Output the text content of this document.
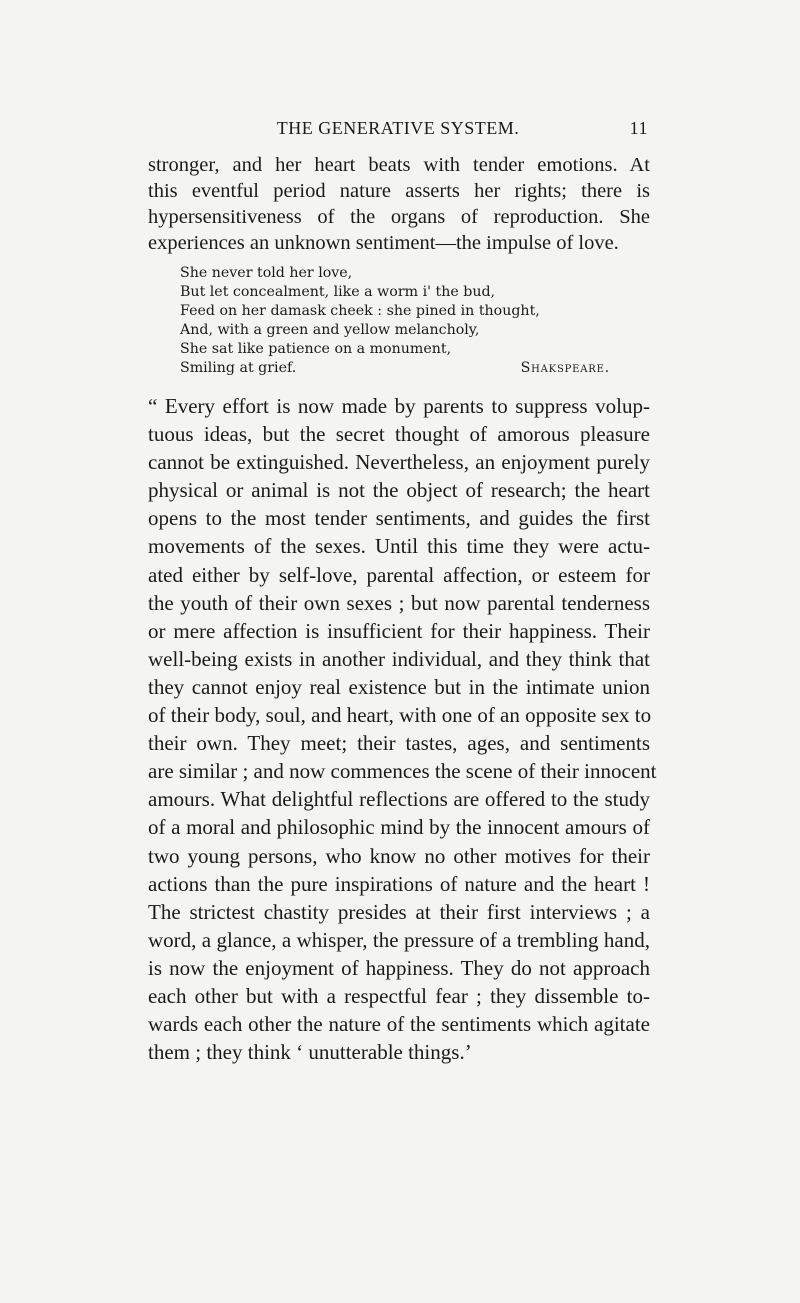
THE GENERATIVE SYSTEM.	11
stronger, and her heart beats with tender emotions. At
this eventful period nature asserts her rights; there is
hypersensitiveness of the organs of reproduction. She
experiences an unknown sentiment—the impulse of love.
She never told her love,
But let concealment, like a worm i' the bud,
Feed on her damask cheek : she pined in thought,
And, with a green and yellow melancholy,
She sat like patience on a monument,
Smiling at grief.	Shakspeare.
“ Every effort is now made by parents to suppress volup-
tuous ideas, but the secret thought of amorous pleasure
cannot be extinguished. Nevertheless, an enjoyment purely
physical or animal is not the object of research; the heart
opens to the most tender sentiments, and guides the first
movements of the sexes. Until this time they were actu-
ated either by self-love, parental affection, or esteem for
the youth of their own sexes ; but now parental tenderness
or mere affection is insufficient for their happiness. Their
well-being exists in another individual, and they think that
they cannot enjoy real existence but in the intimate union
of their body, soul, and heart, with one of an opposite sex to
their own. They meet; their tastes, ages, and sentiments
are similar ; and now commences the scene of their innocent
amours. What delightful reflections are offered to the study
of a moral and philosophic mind by the innocent amours of
two young persons, who know no other motives for their
actions than the pure inspirations of nature and the heart !
The strictest chastity presides at their first interviews ; a
word, a glance, a whisper, the pressure of a trembling hand,
is now the enjoyment of happiness. They do not approach
each other but with a respectful fear ; they dissemble to-
wards each other the nature of the sentiments which agitate
them ; they think ‘ unutterable things.’
